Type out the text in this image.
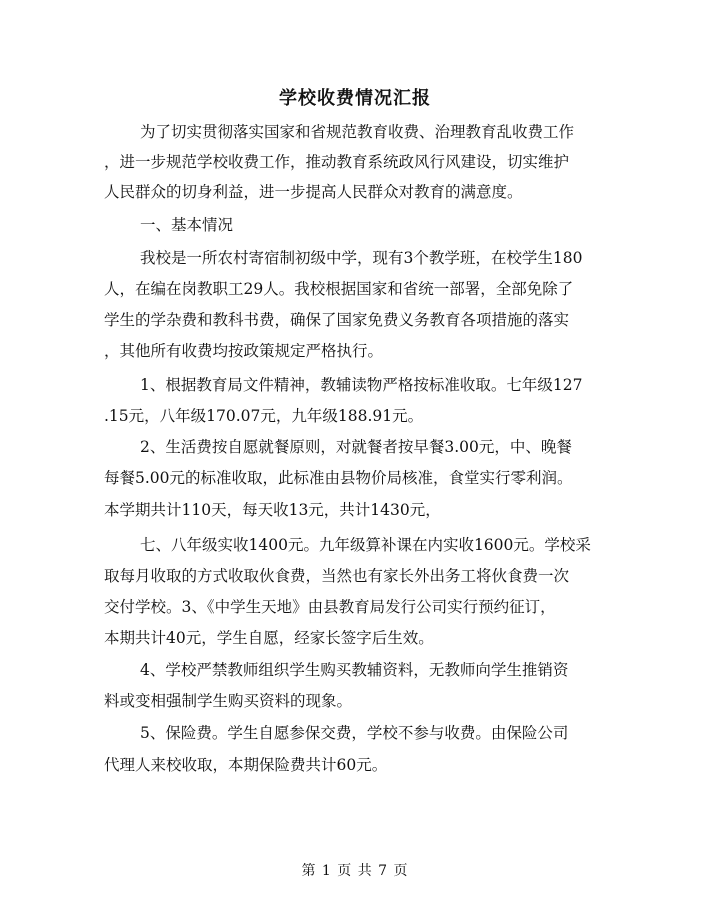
学校收费情况汇报
为了切实贯彻落实国家和省规范教育收费、治理教育乱收费工作
，进一步规范学校收费工作，推动教育系统政风行风建设，切实维护
人民群众的切身利益，进一步提高人民群众对教育的满意度。
一、基本情况
我校是一所农村寄宿制初级中学，现有3个教学班，在校学生180
人，在编在岗教职工29人。我校根据国家和省统一部署，全部免除了
学生的学杂费和教科书费，确保了国家免费义务教育各项措施的落实
，其他所有收费均按政策规定严格执行。
1、根据教育局文件精神，教辅读物严格按标准收取。七年级127
.15元，八年级170.07元，九年级188.91元。
2、生活费按自愿就餐原则，对就餐者按早餐3.00元，中、晚餐
每餐5.00元的标准收取，此标准由县物价局核准，食堂实行零利润。
本学期共计110天，每天收13元，共计1430元，
七、八年级实收1400元。九年级算补课在内实收1600元。学校采
取每月收取的方式收取伙食费，当然也有家长外出务工将伙食费一次
交付学校。3、《中学生天地》由县教育局发行公司实行预约征订，
本期共计40元，学生自愿，经家长签字后生效。
4、学校严禁教师组织学生购买教辅资料，无教师向学生推销资
料或变相强制学生购买资料的现象。
5、保险费。学生自愿参保交费，学校不参与收费。由保险公司
代理人来校收取，本期保险费共计60元。
第 1 页 共 7 页
